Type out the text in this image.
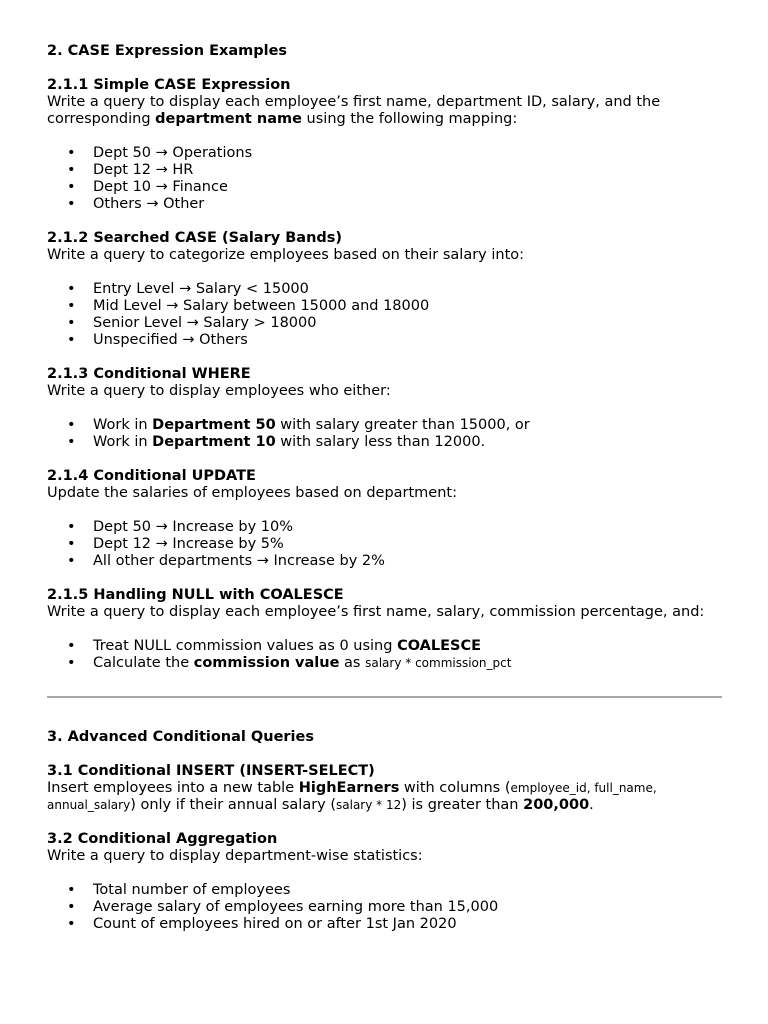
2. CASE Expression Examples
2.1.1 Simple CASE Expression

Write a query to display each employee’s first name, department ID, salary, and the corresponding department name using the following mapping:

• Dept 50 → Operations
• Dept 12 → HR
• Dept 10 → Finance
• Others → Other
2.1.2 Searched CASE (Salary Bands)

Write a query to categorize employees based on their salary into:

• Entry Level → Salary < 15000
• Mid Level → Salary between 15000 and 18000
• Senior Level → Salary > 18000
• Unspecified → Others
2.1.3 Conditional WHERE

Write a query to display employees who either:

• Work in Department 50 with salary greater than 15000, or
• Work in Department 10 with salary less than 12000.
2.1.4 Conditional UPDATE

Update the salaries of employees based on department:

• Dept 50 → Increase by 10%
• Dept 12 → Increase by 5%
• All other departments → Increase by 2%
2.1.5 Handling NULL with COALESCE

Write a query to display each employee’s first name, salary, commission percentage, and:

• Treat NULL commission values as 0 using COALESCE
• Calculate the commission value as salary * commission_pct
3. Advanced Conditional Queries
3.1 Conditional INSERT (INSERT-SELECT)

Insert employees into a new table HighEarners with columns (employee_id, full_name, annual_salary) only if their annual salary (salary * 12) is greater than 200,000.

3.2 Conditional Aggregation

Write a query to display department-wise statistics:

• Total number of employees
• Average salary of employees earning more than 15,000
• Count of employees hired on or after 1st Jan 2020
